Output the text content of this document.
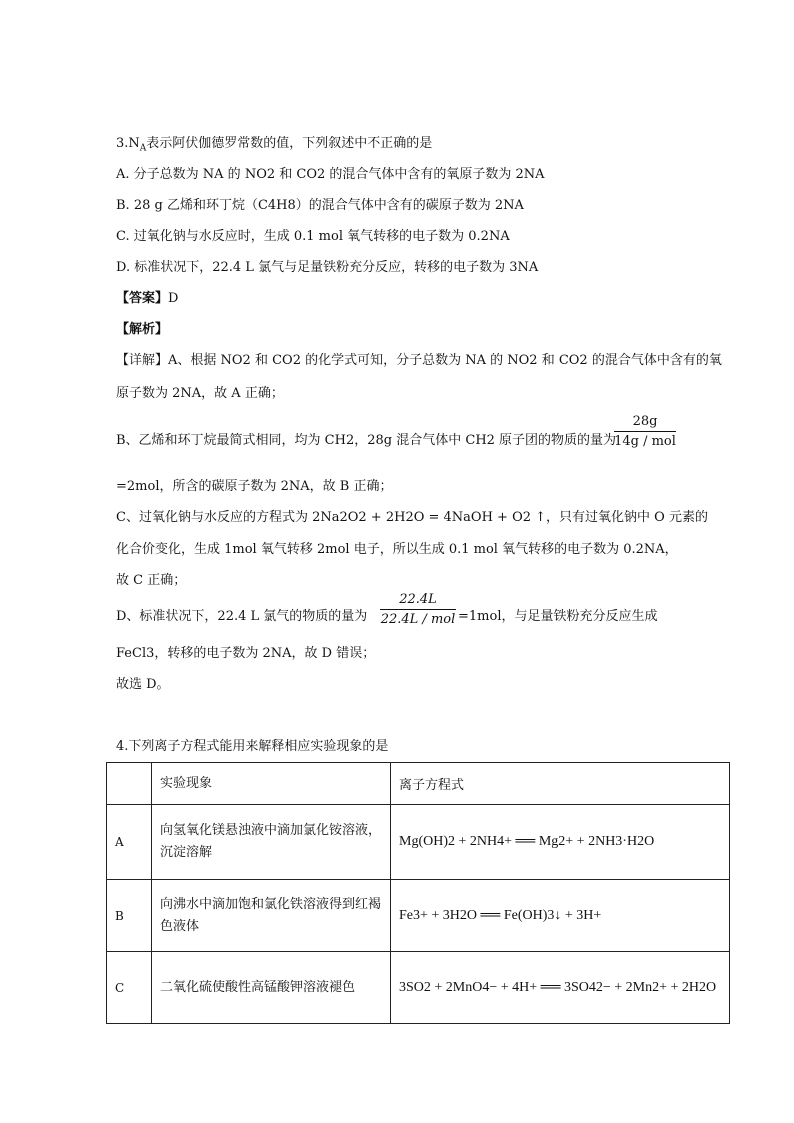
$3.N_A$表示阿伏伽德罗常数的值，下列叙述中不正确的是
A. 分子总数为 NA 的 NO2 和 CO2 的混合气体中含有的氧原子数为 2NA
B. 28 g 乙烯和环丁烷（C4H8）的混合气体中含有的碳原子数为 2NA
C. 过氧化钠与水反应时，生成 0.1 mol 氧气转移的电子数为 0.2NA
D. 标准状况下，22.4 L 氯气与足量铁粉充分反应，转移的电子数为 3NA
【答案】D
【解析】
【详解】A、根据 NO2 和 CO2 的化学式可知，分子总数为 NA 的 NO2 和 CO2 的混合气体中含有的氧
原子数为 2NA，故 A 正确；
B、乙烯和环丁烷最简式相同，均为 CH2，28g 混合气体中 CH2 原子团的物质的量为
28g
14g / mol
=2mol，所含的碳原子数为 2NA，故 B 正确；
C、过氧化钠与水反应的方程式为 2Na2O2 + 2H2O = 4NaOH + O2 ↑，只有过氧化钠中 O 元素的
化合价变化，生成 1mol 氧气转移 2mol 电子，所以生成 0.1 mol 氧气转移的电子数为 0.2NA，
故 C 正确；
D、标准状况下，22.4 L 氯气的物质的量为
22.4L
22.4L / mol =1mol，与足量铁粉充分反应生成
FeCl3，转移的电子数为 2NA，故 D 错误；
故选 D。
4.下列离子方程式能用来解释相应实验现象的是
	实验现象	离子方程式
A	向氢氧化镁悬浊液中滴加氯化铵溶液，沉淀溶解	Mg(OH)2 + 2NH4+ ══ Mg2+ + 2NH3·H2O
B	向沸水中滴加饱和氯化铁溶液得到红褐色液体	Fe3+ + 3H2O ══ Fe(OH)3↓ + 3H+
C	二氧化硫使酸性高锰酸钾溶液褪色	3SO2 + 2MnO4− + 4H+ ══ 3SO42− + 2Mn2+ + 2H2O
